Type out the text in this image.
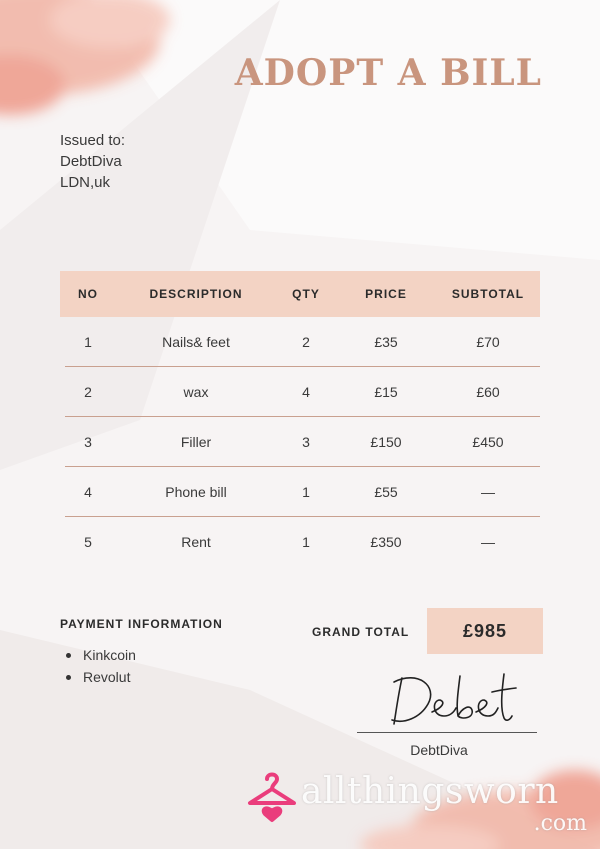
ADOPT A BILL
Issued to:
DebtDiva
LDN,uk
NO	DESCRIPTION	QTY	PRICE	SUBTOTAL
1	Nails& feet	2	£35	£70
2	wax	4	£15	£60
3	Filler	3	£150	£450
4	Phone bill	1	£55	—
5	Rent	1	£350	—
PAYMENT INFORMATION
Kinkcoin
Revolut
GRAND TOTAL	£985
DebtDiva
allthingsworn
.com
